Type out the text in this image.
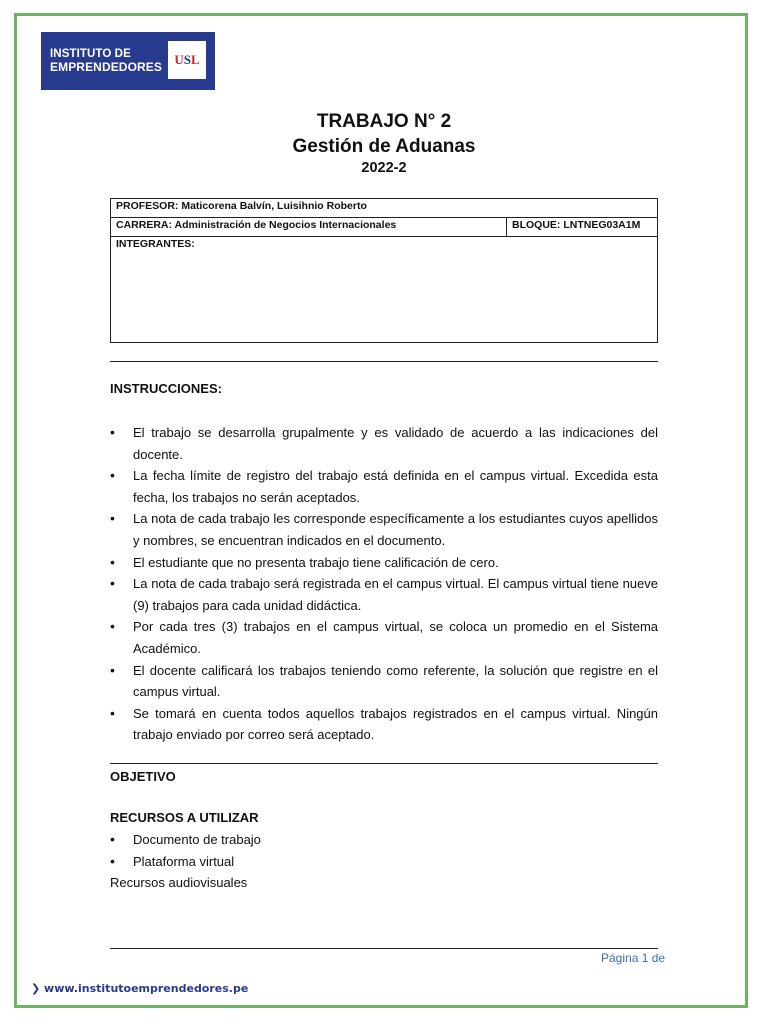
INSTITUTO DE
EMPRENDEDORES U S L
TRABAJO N° 2
Gestión de Aduanas
2022-2
PROFESOR: Maticorena Balvín, Luisihnio Roberto
CARRERA: Administración de Negocios Internacionales	BLOQUE: LNTNEG03A1M
INTEGRANTES:
INSTRUCCIONES:
• El trabajo se desarrolla grupalmente y es validado de acuerdo a las indicaciones del docente.
• La fecha límite de registro del trabajo está definida en el campus virtual. Excedida esta fecha, los trabajos no serán aceptados.
• La nota de cada trabajo les corresponde específicamente a los estudiantes cuyos apellidos y nombres, se encuentran indicados en el documento.
• El estudiante que no presenta trabajo tiene calificación de cero.
• La nota de cada trabajo será registrada en el campus virtual. El campus virtual tiene nueve (9) trabajos para cada unidad didáctica.
• Por cada tres (3) trabajos en el campus virtual, se coloca un promedio en el Sistema Académico.
• El docente calificará los trabajos teniendo como referente, la solución que registre en el campus virtual.
• Se tomará en cuenta todos aquellos trabajos registrados en el campus virtual. Ningún trabajo enviado por correo será aceptado.
OBJETIVO
RECURSOS A UTILIZAR
• Documento de trabajo
• Plataforma virtual
Recursos audiovisuales
Página 1 de
❯ www.institutoemprendedores.pe
